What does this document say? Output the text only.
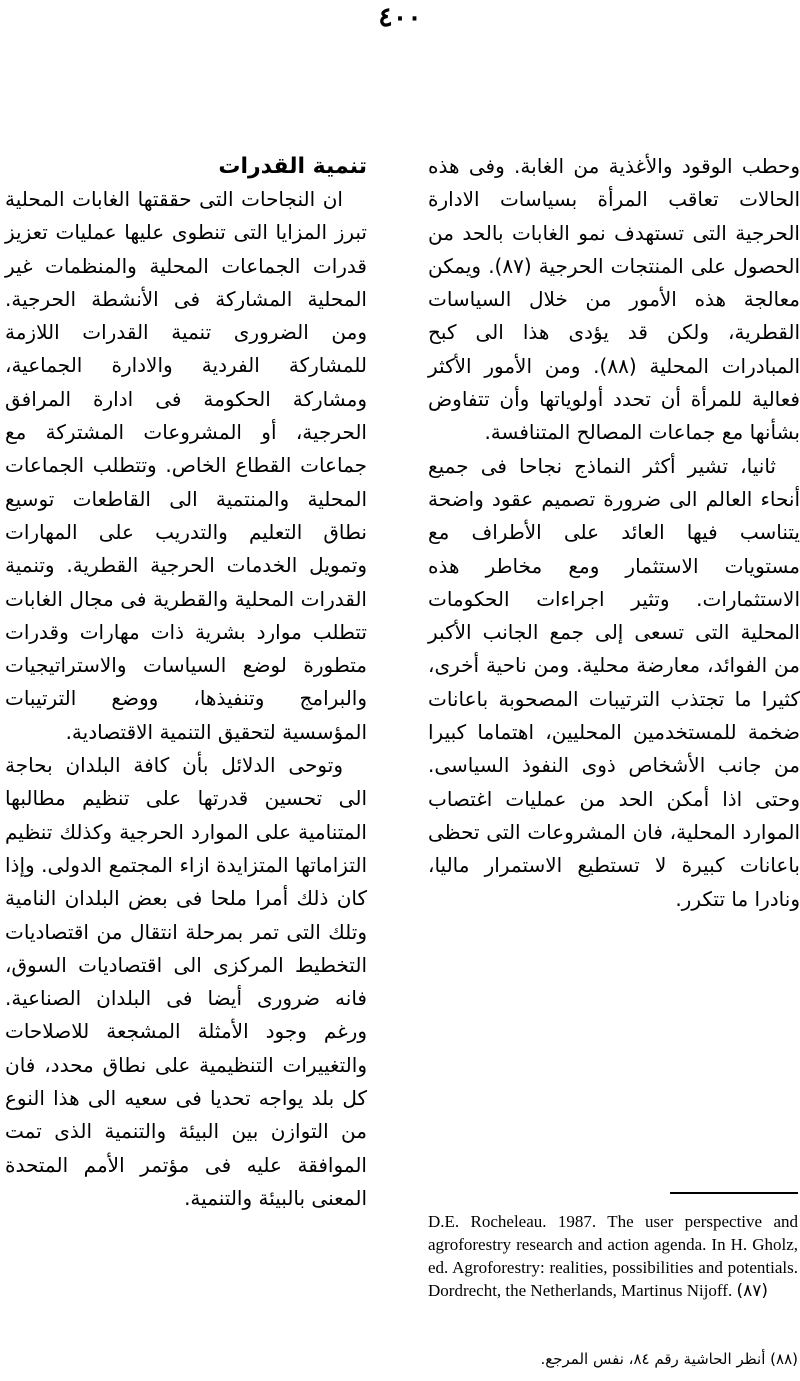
٤٠٠

وحطب الوقود والأغذية من الغابة. وفى هذه الحالات تعاقب المرأة بسياسات الادارة الحرجية التى تستهدف نمو الغابات بالحد من الحصول على المنتجات الحرجية (٨٧). ويمكن معالجة هذه الأمور من خلال السياسات القطرية، ولكن قد يؤدى هذا الى كبح المبادرات المحلية (٨٨). ومن الأمور الأكثر فعالية للمرأة أن تحدد أولوياتها وأن تتفاوض بشأنها مع جماعات المصالح المتنافسة.

ثانيا، تشير أكثر النماذج نجاحا فى جميع أنحاء العالم الى ضرورة تصميم عقود واضحة يتناسب فيها العائد على الأطراف مع مستويات الاستثمار ومع مخاطر هذه الاستثمارات. وتثير اجراءات الحكومات المحلية التى تسعى إلى جمع الجانب الأكبر من الفوائد، معارضة محلية. ومن ناحية أخرى، كثيرا ما تجتذب الترتيبات المصحوبة باعانات ضخمة للمستخدمين المحليين، اهتماما كبيرا من جانب الأشخاص ذوى النفوذ السياسى. وحتى اذا أمكن الحد من عمليات اغتصاب الموارد المحلية، فان المشروعات التى تحظى باعانات كبيرة لا تستطيع الاستمرار ماليا، ونادرا ما تتكرر.

تنمية القدرات

ان النجاحات التى حققتها الغابات المحلية تبرز المزايا التى تنطوى عليها عمليات تعزيز قدرات الجماعات المحلية والمنظمات غير المحلية المشاركة فى الأنشطة الحرجية. ومن الضرورى تنمية القدرات اللازمة للمشاركة الفردية والادارة الجماعية، ومشاركة الحكومة فى ادارة المرافق الحرجية، أو المشروعات المشتركة مع جماعات القطاع الخاص. وتتطلب الجماعات المحلية والمنتمية الى القاطعات توسيع نطاق التعليم والتدريب على المهارات وتمويل الخدمات الحرجية القطرية. وتنمية القدرات المحلية والقطرية فى مجال الغابات تتطلب موارد بشرية ذات مهارات وقدرات متطورة لوضع السياسات والاستراتيجيات والبرامج وتنفيذها، ووضع الترتيبات المؤسسية لتحقيق التنمية الاقتصادية.

وتوحى الدلائل بأن كافة البلدان بحاجة الى تحسين قدرتها على تنظيم مطالبها المتنامية على الموارد الحرجية وكذلك تنظيم التزاماتها المتزايدة ازاء المجتمع الدولى. وإذا كان ذلك أمرا ملحا فى بعض البلدان النامية وتلك التى تمر بمرحلة انتقال من اقتصاديات التخطيط المركزى الى اقتصاديات السوق، فانه ضرورى أيضا فى البلدان الصناعية. ورغم وجود الأمثلة المشجعة للاصلاحات والتغييرات التنظيمية على نطاق محدد، فان كل بلد يواجه تحديا فى سعيه الى هذا النوع من التوازن بين البيئة والتنمية الذى تمت الموافقة عليه فى مؤتمر الأمم المتحدة المعنى بالبيئة والتنمية.

D.E. Rocheleau. 1987. The user perspective and agroforestry research and action agenda. In H. Gholz, ed. Agroforestry: realities, possibilities and potentials. Dordrecht, the Netherlands, Martinus Nijoff. (٨٧)
(٨٨) أنظر الحاشية رقم ٨٤، نفس المرجع.
